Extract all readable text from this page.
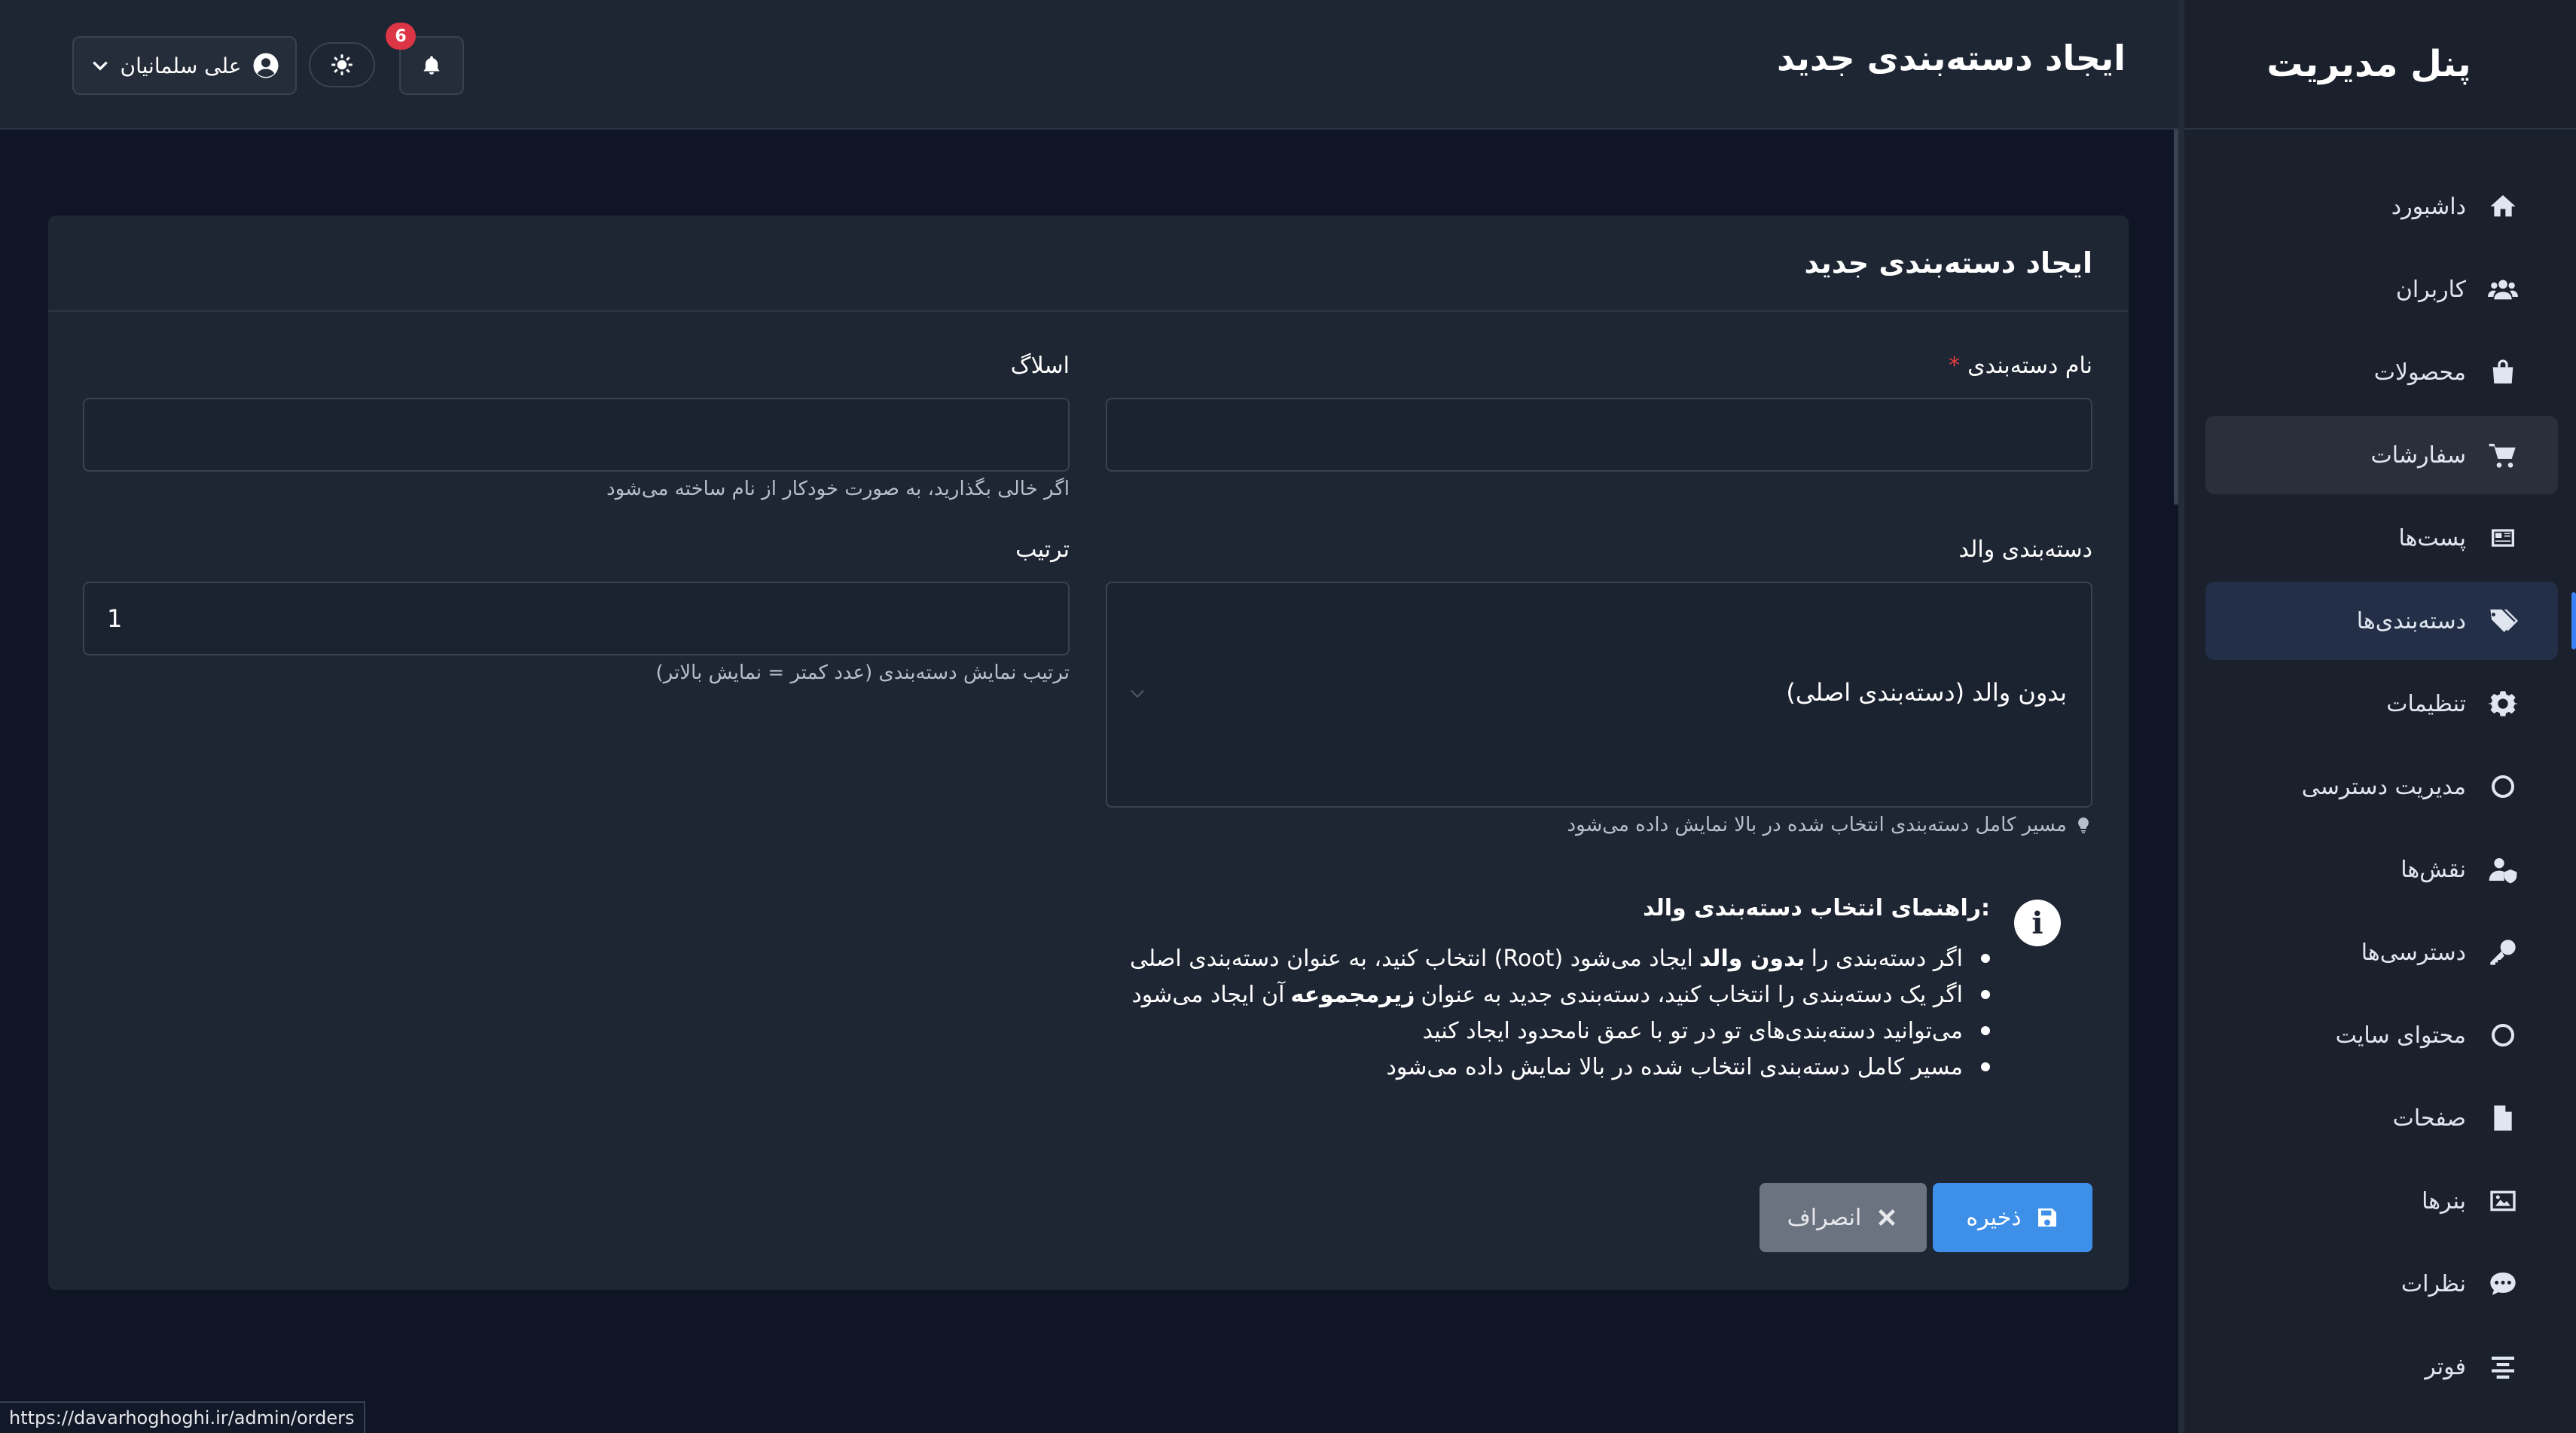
پنل مدیریت
داشبورد
کاربران
محصولات
سفارشات
پست‌ها
دسته‌بندی‌ها
تنظیمات
مدیریت دسترسی
نقش‌ها
دسترسی‌ها
محتوای سایت
صفحات
بنرها
نظرات
فوتر
ایجاد دسته‌بندی جدید
علی سلمانیان
6
ایجاد دسته‌بندی جدید
* نام دسته‌بندی
اسلاگ
اگر خالی بگذارید، به صورت خودکار از نام ساخته می‌شود
دسته‌بندی والد
بدون والد (دسته‌بندی اصلی)
مسیر کامل دسته‌بندی انتخاب شده در بالا نمایش داده می‌شود
ترتیب
1
ترتیب نمایش دسته‌بندی (عدد کمتر = نمایش بالاتر)
i
راهنمای انتخاب دسته‌بندی والد:
انتخاب کنید، به عنوان دسته‌بندی اصلی (Root) ایجاد می‌شود بدون والد اگر دسته‌بندی را
آن ایجاد می‌شود زیرمجموعه اگر یک دسته‌بندی را انتخاب کنید، دسته‌بندی جدید به عنوان
می‌توانید دسته‌بندی‌های تو در تو با عمق نامحدود ایجاد کنید
مسیر کامل دسته‌بندی انتخاب شده در بالا نمایش داده می‌شود
ذخیره
انصراف
https://davarhoghoghi.ir/admin/orders
